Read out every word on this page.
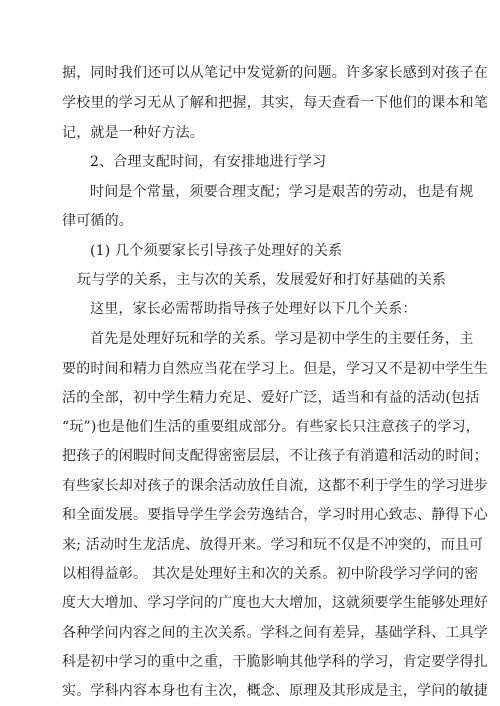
据，同时我们还可以从笔记中发觉新的问题。许多家长感到对孩子在
学校里的学习无从了解和把握，其实，每天查看一下他们的课本和笔
记，就是一种好方法。
2、合理支配时间，有安排地进行学习
时间是个常量，须要合理支配；学习是艰苦的劳动，也是有规
律可循的。
(1) 几个须要家长引导孩子处理好的关系
玩与学的关系，主与次的关系，发展爱好和打好基础的关系
这里，家长必需帮助指导孩子处理好以下几个关系：
首先是处理好玩和学的关系。学习是初中学生的主要任务，主
要的时间和精力自然应当花在学习上。但是，学习又不是初中学生生
活的全部，初中学生精力充足、爱好广泛，适当和有益的活动(包括
“玩”)也是他们生活的重要组成部分。有些家长只注意孩子的学习，
把孩子的闲暇时间支配得密密层层，不让孩子有消遣和活动的时间；
有些家长却对孩子的课余活动放任自流，这都不利于学生的学习进步
和全面发展。要指导学生学会劳逸结合，学习时用心致志、静得下心
来; 活动时生龙活虎、放得开来。学习和玩不仅是不冲突的，而且可
以相得益彰。 其次是处理好主和次的关系。初中阶段学习学问的密
度大大增加、学习学问的广度也大大增加，这就须要学生能够处理好
各种学问内容之间的主次关系。学科之间有差异，基础学科、工具学
科是初中学习的重中之重，干脆影响其他学科的学习，肯定要学得扎
实。学科内容本身也有主次，概念、原理及其形成是主，学问的敏捷
